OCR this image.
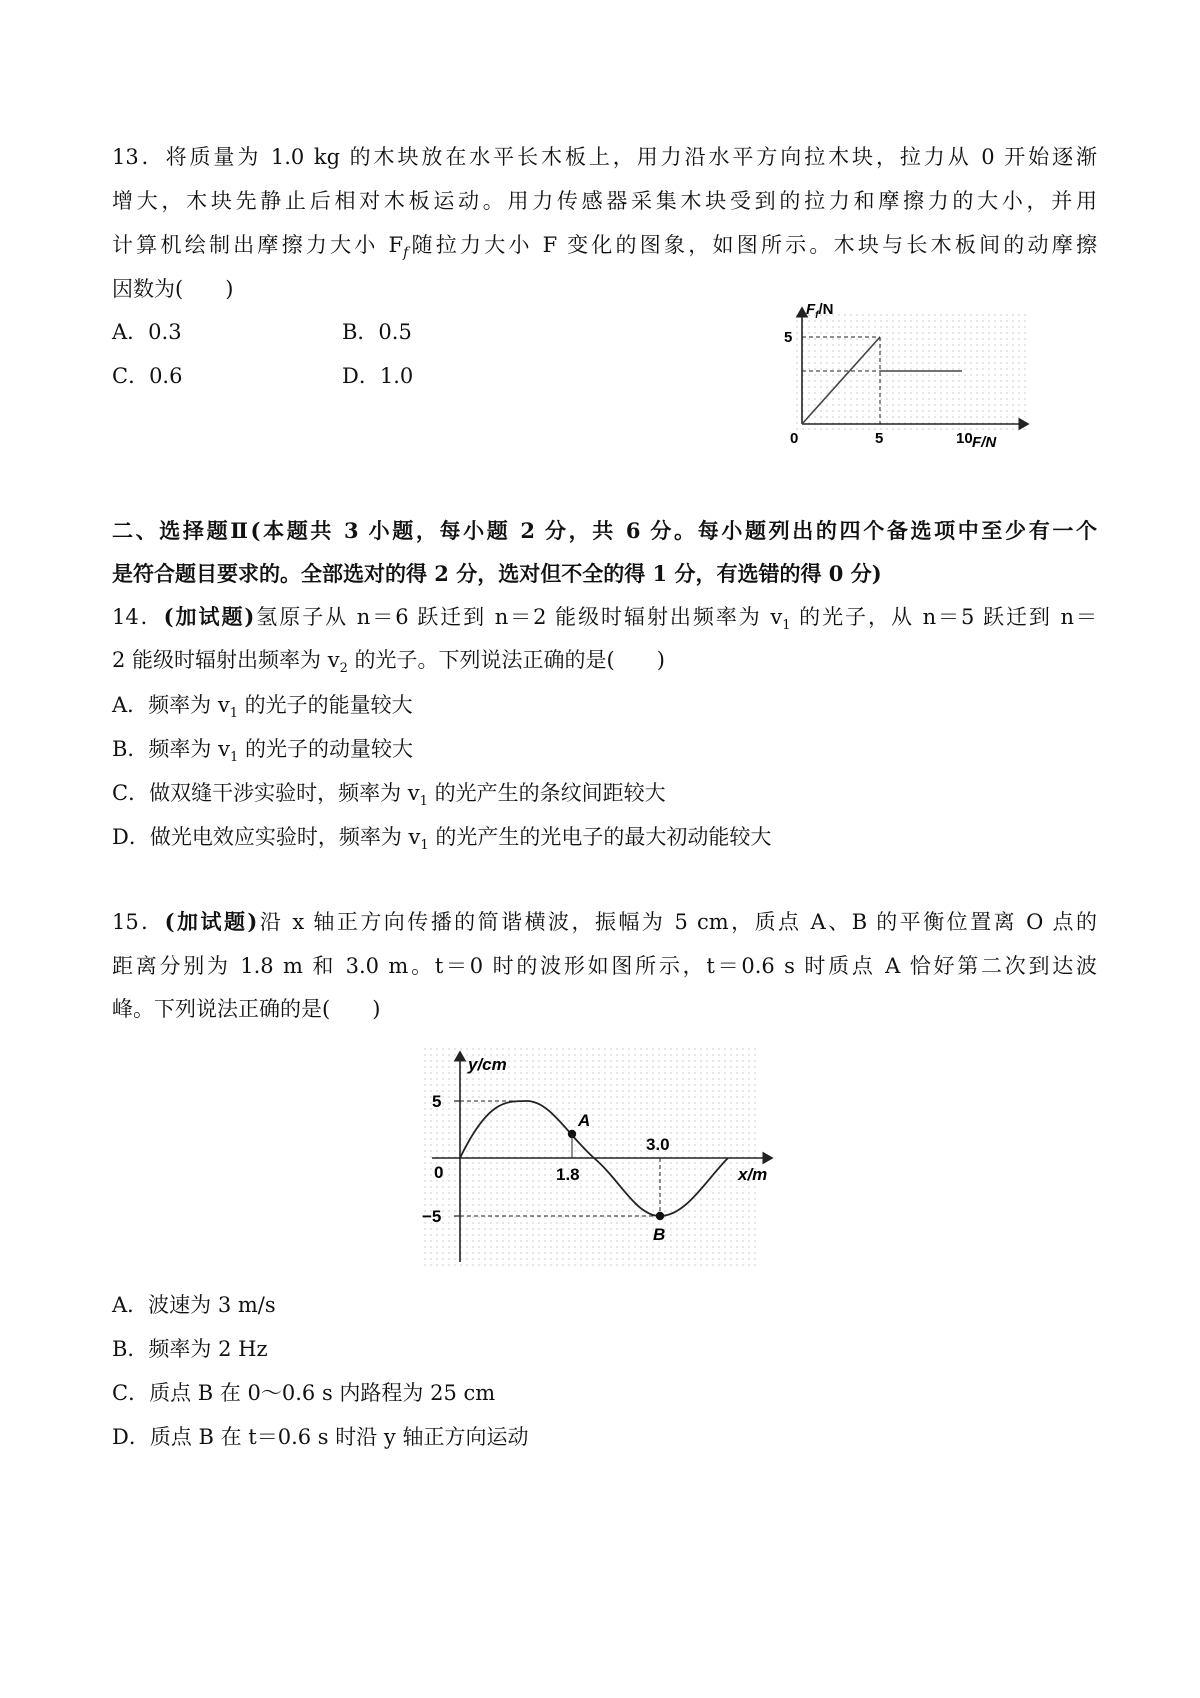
13．将质量为 1.0 kg 的木块放在水平长木板上，用力沿水平方向拉木块，拉力从 0 开始逐渐
增大，木块先静止后相对木板运动。用力传感器采集木块受到的拉力和摩擦力的大小，并用
计算机绘制出摩擦力大小 $F_f$随拉力大小 F 变化的图象，如图所示。木块与长木板间的动摩擦
因数为(　　)
A．0.3	B．0.5
C．0.6	D．1.0
$F_f/N$
5
0	5	10 F/N
二、选择题Ⅱ(本题共 3 小题，每小题 2 分，共 6 分。每小题列出的四个备选项中至少有一个
是符合题目要求的。全部选对的得 2 分，选对但不全的得 1 分，有选错的得 0 分)
14．(加试题)氢原子从 n＝6 跃迁到 n＝2 能级时辐射出频率为 $v_1$ 的光子，从 n＝5 跃迁到 n＝
2 能级时辐射出频率为 $v_2$ 的光子。下列说法正确的是(　　)
A．频率为 $v_1$ 的光子的能量较大
B．频率为 $v_1$ 的光子的动量较大
C．做双缝干涉实验时，频率为 $v_1$ 的光产生的条纹间距较大
D．做光电效应实验时，频率为 $v_1$ 的光产生的光电子的最大初动能较大
15．(加试题)沿 x 轴正方向传播的简谐横波，振幅为 5 cm，质点 A、B 的平衡位置离 O 点的
距离分别为 1.8 m 和 3.0 m。t＝0 时的波形如图所示，t＝0.6 s 时质点 A 恰好第二次到达波
峰。下列说法正确的是(　　)
y/cm
5
−5
0
A
1.8
3.0
x/m
B
A．波速为 3 m/s
B．频率为 2 Hz
C．质点 B 在 0～0.6 s 内路程为 25 cm
D．质点 B 在 t＝0.6 s 时沿 y 轴正方向运动
